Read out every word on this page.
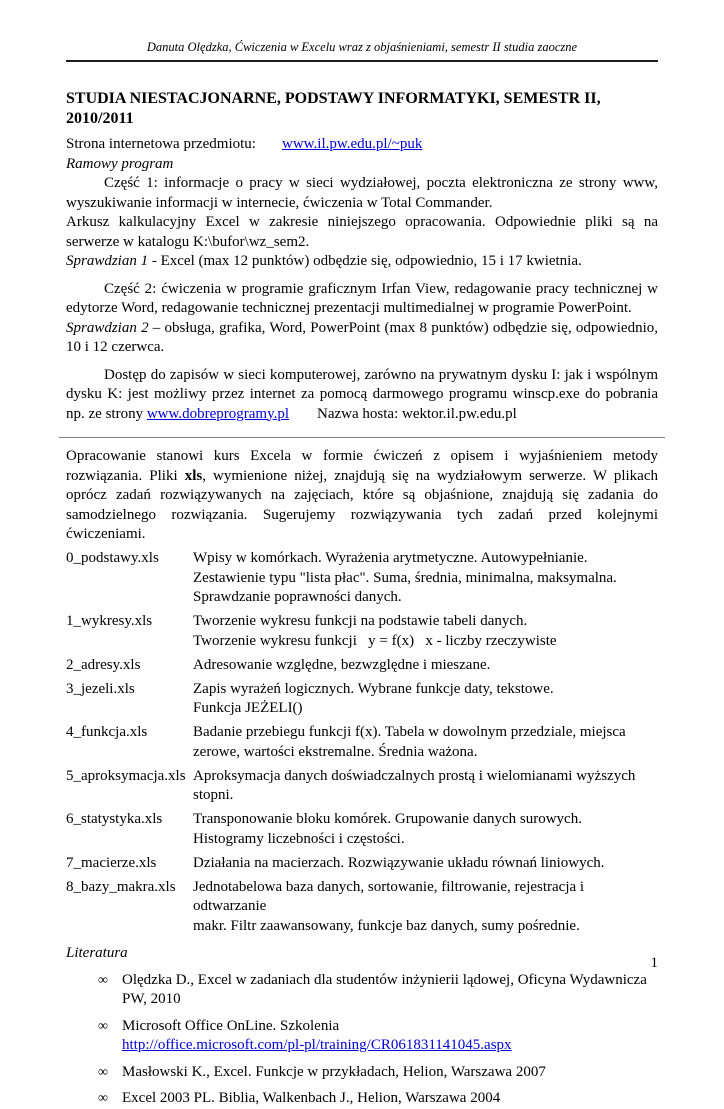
Danuta Olędzka, Ćwiczenia w Excelu wraz z objaśnieniami, semestr II studia zaoczne
STUDIA NIESTACJONARNE, PODSTAWY INFORMATYKI, SEMESTR II, 2010/2011
Strona internetowa przedmiotu: www.il.pw.edu.pl/~puk
Ramowy program
Część 1: informacje o pracy w sieci wydziałowej, poczta elektroniczna ze strony www, wyszukiwanie informacji w internecie, ćwiczenia w Total Commander.
Arkusz kalkulacyjny Excel w zakresie niniejszego opracowania. Odpowiednie pliki są na serwerze w katalogu K:\bufor\wz_sem2.
Sprawdzian 1 - Excel (max 12 punktów) odbędzie się, odpowiednio, 15 i 17 kwietnia.
Część 2: ćwiczenia w programie graficznym Irfan View, redagowanie pracy technicznej w edytorze Word, redagowanie technicznej prezentacji multimedialnej w programie PowerPoint.
Sprawdzian 2 – obsługa, grafika, Word, PowerPoint (max 8 punktów) odbędzie się, odpowiednio, 10 i 12 czerwca.
Dostęp do zapisów w sieci komputerowej, zarówno na prywatnym dysku I: jak i wspólnym dysku K: jest możliwy przez internet za pomocą darmowego programu winscp.exe do pobrania np. ze strony www.dobreprogramy.pl Nazwa hosta: wektor.il.pw.edu.pl
Opracowanie stanowi kurs Excela w formie ćwiczeń z opisem i wyjaśnieniem metody rozwiązania. Pliki xls, wymienione niżej, znajdują się na wydziałowym serwerze. W plikach oprócz zadań rozwiązywanych na zajęciach, które są objaśnione, znajdują się zadania do samodzielnego rozwiązania. Sugerujemy rozwiązywania tych zadań przed kolejnymi ćwiczeniami.
0_podstawy.xls	Wpisy w komórkach. Wyrażenia arytmetyczne. Autowypełnianie.
Zestawienie typu "lista płac". Suma, średnia, minimalna, maksymalna.
Sprawdzanie poprawności danych.
1_wykresy.xls	Tworzenie wykresu funkcji na podstawie tabeli danych.
Tworzenie wykresu funkcji   y = f(x)   x - liczby rzeczywiste
2_adresy.xls	Adresowanie względne, bezwzględne i mieszane.
3_jezeli.xls	Zapis wyrażeń logicznych. Wybrane funkcje daty, tekstowe.
Funkcja JEŻELI()
4_funkcja.xls	Badanie przebiegu funkcji f(x). Tabela w dowolnym przedziale, miejsca
zerowe, wartości ekstremalne. Średnia ważona.
5_aproksymacja.xls Aproksymacja danych doświadczalnych prostą i wielomianami wyższych
stopni.
6_statystyka.xls	Transponowanie bloku komórek. Grupowanie danych surowych.
Histogramy liczebności i częstości.
7_macierze.xls	Działania na macierzach. Rozwiązywanie układu równań liniowych.
8_bazy_makra.xls	Jednotabelowa baza danych, sortowanie, filtrowanie, rejestracja i odtwarzanie
makr. Filtr zaawansowany, funkcje baz danych, sumy pośrednie.
Literatura
∞ Olędzka D., Excel w zadaniach dla studentów inżynierii lądowej, Oficyna Wydawnicza PW, 2010
∞ Microsoft Office OnLine. Szkolenia
http://office.microsoft.com/pl-pl/training/CR061831141045.aspx
∞ Masłowski K., Excel. Funkcje w przykładach, Helion, Warszawa 2007
∞ Excel 2003 PL. Biblia, Walkenbach J., Helion, Warszawa 2004
1
